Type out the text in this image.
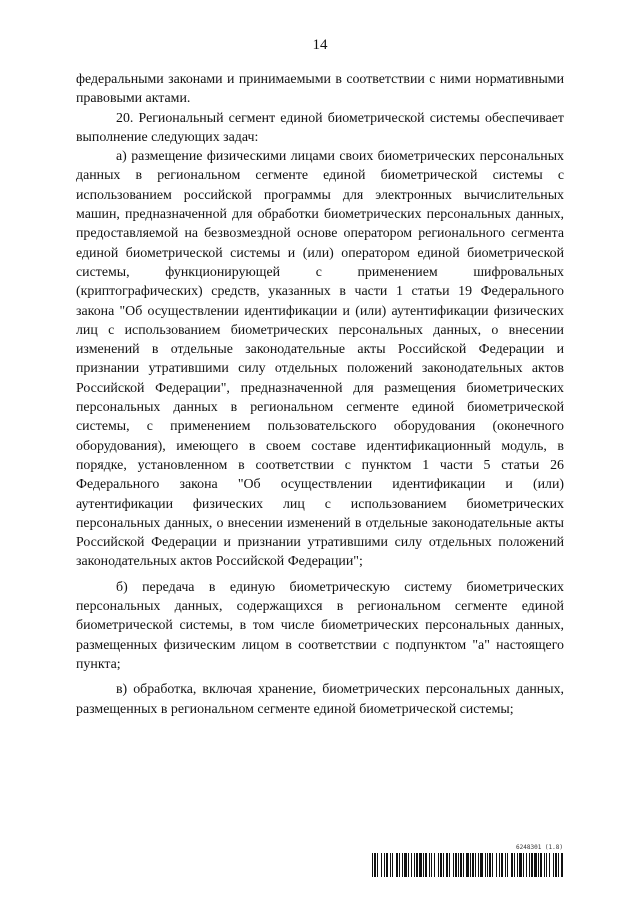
14

федеральными законами и принимаемыми в соответствии с ними нормативными правовыми актами.

20. Региональный сегмент единой биометрической системы обеспечивает выполнение следующих задач:

а) размещение физическими лицами своих биометрических персональных данных в региональном сегменте единой биометрической системы с использованием российской программы для электронных вычислительных машин, предназначенной для обработки биометрических персональных данных, предоставляемой на безвозмездной основе оператором регионального сегмента единой биометрической системы и (или) оператором единой биометрической системы, функционирующей с применением шифровальных (криптографических) средств, указанных в части 1 статьи 19 Федерального закона "Об осуществлении идентификации и (или) аутентификации физических лиц с использованием биометрических персональных данных, о внесении изменений в отдельные законодательные акты Российской Федерации и признании утратившими силу отдельных положений законодательных актов Российской Федерации", предназначенной для размещения биометрических персональных данных в региональном сегменте единой биометрической системы, с применением пользовательского оборудования (оконечного оборудования), имеющего в своем составе идентификационный модуль, в порядке, установленном в соответствии с пунктом 1 части 5 статьи 26 Федерального закона "Об осуществлении идентификации и (или) аутентификации физических лиц с использованием биометрических персональных данных, о внесении изменений в отдельные законодательные акты Российской Федерации и признании утратившими силу отдельных положений законодательных актов Российской Федерации";

б) передача в единую биометрическую систему биометрических персональных данных, содержащихся в региональном сегменте единой биометрической системы, в том числе биометрических персональных данных, размещенных физическим лицом в соответствии с подпунктом "а" настоящего пункта;

в) обработка, включая хранение, биометрических персональных данных, размещенных в региональном сегменте единой биометрической системы;

6248301 (1.8)
